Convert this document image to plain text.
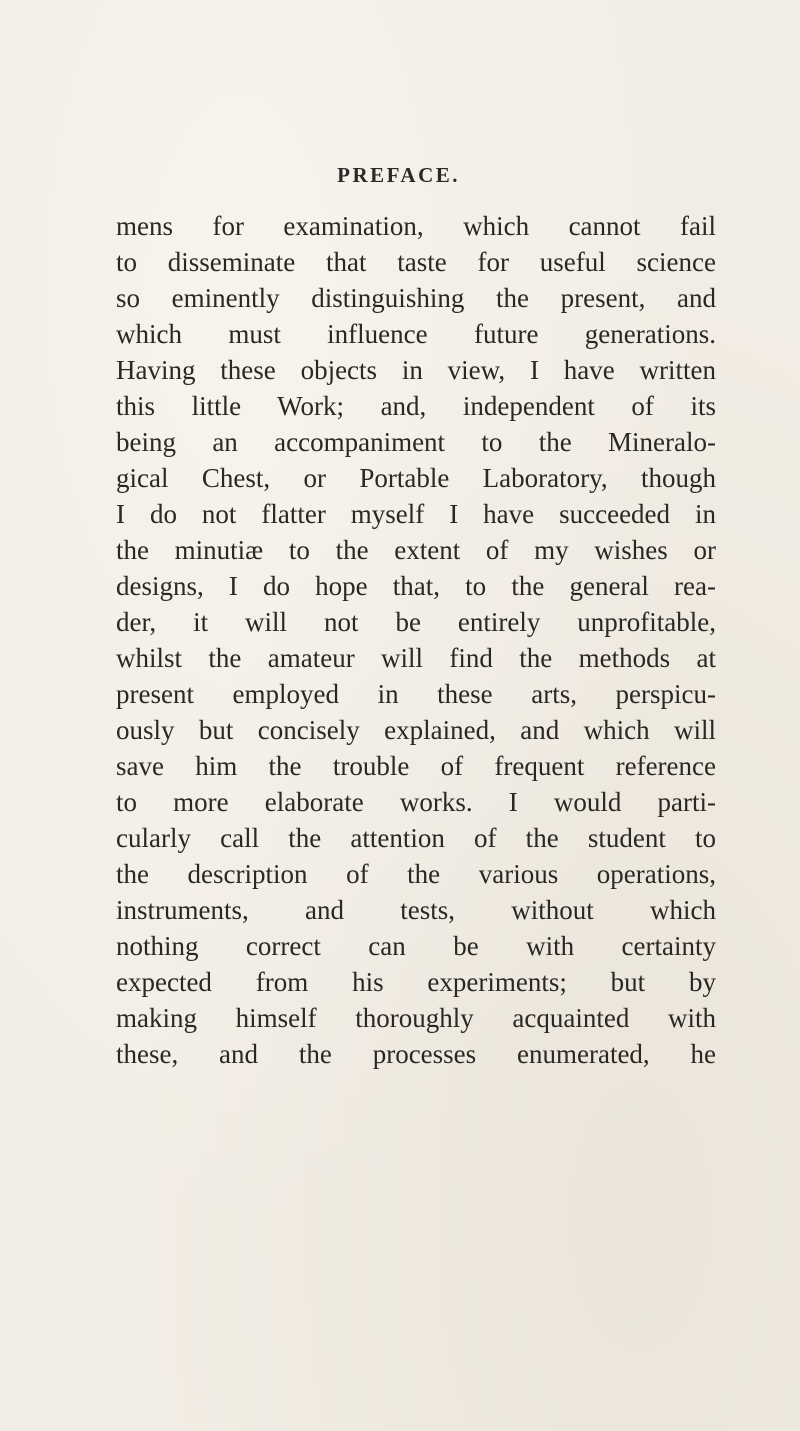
PREFACE.
mens for examination, which cannot fail
to disseminate that taste for useful science
so eminently distinguishing the present, and
which must influence future generations.
Having these objects in view, I have written
this little Work; and, independent of its
being an accompaniment to the Mineralo-
gical Chest, or Portable Laboratory, though
I do not flatter myself I have succeeded in
the minutiæ to the extent of my wishes or
designs, I do hope that, to the general rea-
der, it will not be entirely unprofitable,
whilst the amateur will find the methods at
present employed in these arts, perspicu-
ously but concisely explained, and which will
save him the trouble of frequent reference
to more elaborate works. I would parti-
cularly call the attention of the student to
the description of the various operations,
instruments, and tests, without which
nothing correct can be with certainty
expected from his experiments; but by
making himself thoroughly acquainted with
these, and the processes enumerated, he
